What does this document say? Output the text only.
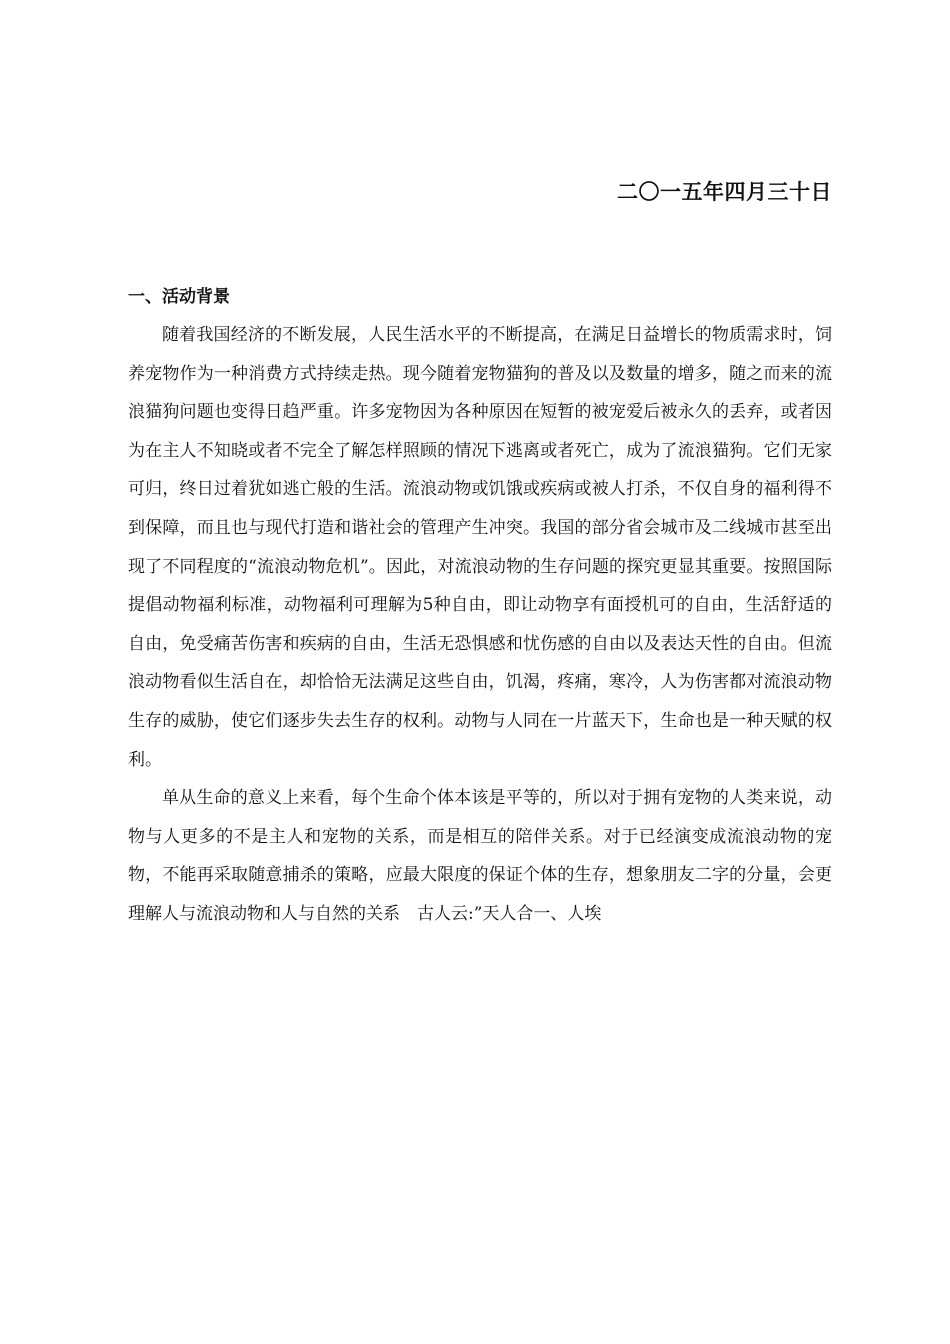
二〇一五年四月三十日
一、活动背景

随着我国经济的不断发展，人民生活水平的不断提高，在满足日益增长的物质需求时，饲养宠物作为一种消费方式持续走热。现今随着宠物猫狗的普及以及数量的增多，随之而来的流浪猫狗问题也变得日趋严重。许多宠物因为各种原因在短暂的被宠爱后被永久的丢弃，或者因为在主人不知晓或者不完全了解怎样照顾的情况下逃离或者死亡，成为了流浪猫狗。它们无家可归，终日过着犹如逃亡般的生活。流浪动物或饥饿或疾病或被人打杀，不仅自身的福利得不到保障，而且也与现代打造和谐社会的管理产生冲突。我国的部分省会城市及二线城市甚至出现了不同程度的“流浪动物危机”。因此，对流浪动物的生存问题的探究更显其重要。按照国际提倡动物福利标准，动物福利可理解为5种自由，即让动物享有面授机可的自由，生活舒适的自由，免受痛苦伤害和疾病的自由，生活无恐惧感和忧伤感的自由以及表达天性的自由。但流浪动物看似生活自在，却恰恰无法满足这些自由，饥渴，疼痛，寒冷，人为伤害都对流浪动物生存的威胁，使它们逐步失去生存的权利。动物与人同在一片蓝天下，生命也是一种天赋的权利。

单从生命的意义上来看，每个生命个体本该是平等的，所以对于拥有宠物的人类来说，动物与人更多的不是主人和宠物的关系，而是相互的陪伴关系。对于已经演变成流浪动物的宠物，不能再采取随意捕杀的策略，应最大限度的保证个体的生存，想象朋友二字的分量，会更理解人与流浪动物和人与自然的关系　古人云:”天人合一、人埃
